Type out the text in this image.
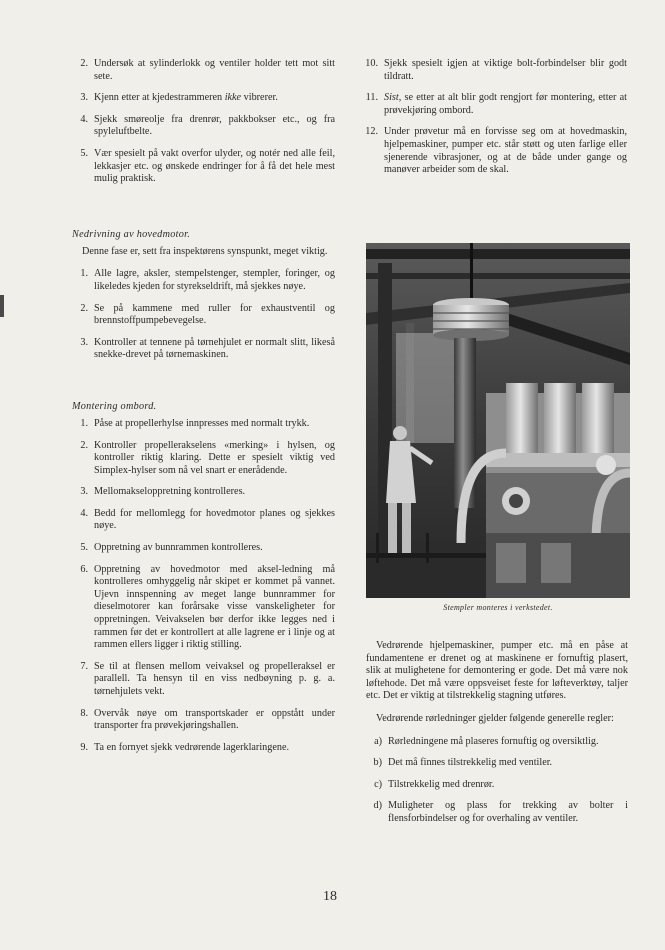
2. Undersøk at sylinderlokk og ventiler holder tett mot sitt sete.
3. Kjenn etter at kjedestrammeren ikke vibrerer.
4. Sjekk smøreolje fra drenrør, pakkbokser etc., og fra spyleluftbelte.
5. Vær spesielt på vakt overfor ulyder, og notér ned alle feil, lekkasjer etc. og ønskede endringer for å få det hele mest mulig praktisk.
Nedrivning av hovedmotor.

Denne fase er, sett fra inspektørens synspunkt, meget viktig.

1. Alle lagre, aksler, stempelstenger, stempler, foringer, og likeledes kjeden for styrekseldrift, må sjekkes nøye.
2. Se på kammene med ruller for exhaustventil og brennstoffpumpebevegelse.
3. Kontroller at tennene på tørnehjulet er normalt slitt, likeså snekke-drevet på tørnemaskinen.
Montering ombord.
1. Påse at propellerhylse innpresses med normalt trykk.
2. Kontroller propellerakselens «merking» i hylsen, og kontroller riktig klaring. Dette er spesielt viktig ved Simplex-hylser som nå vel snart er enerådende.
3. Mellomakseloppretning kontrolleres.
4. Bedd for mellomlegg for hovedmotor planes og sjekkes nøye.
5. Oppretning av bunnrammen kontrolleres.
6. Oppretning av hovedmotor med aksel-ledning må kontrolleres omhyggelig når skipet er kommet på vannet. Ujevn innspenning av meget lange bunnrammer for dieselmotorer kan forårsake visse vanskeligheter for oppretningen. Veivakselen bør derfor ikke legges ned i rammen før det er kontrollert at alle lagrene er i linje og at rammen ellers ligger i riktig stilling.
7. Se til at flensen mellom veivaksel og propelleraksel er parallell. Ta hensyn til en viss nedbøyning p. g. a. tørnehjulets vekt.
8. Overvåk nøye om transportskader er oppstått under transporter fra prøvekjøringshallen.
9. Ta en fornyet sjekk vedrørende lagerklaringene.
10. Sjekk spesielt igjen at viktige bolt-forbindelser blir godt tildratt.
11. Sist, se etter at alt blir godt rengjort før montering, etter at prøvekjøring ombord.
12. Under prøvetur må en forvisse seg om at hovedmaskin, hjelpemaskiner, pumper etc. står støtt og uten farlige eller sjenerende vibrasjoner, og at de både under gange og manøver arbeider som de skal.
Stempler monteres i verkstedet.

Vedrørende hjelpemaskiner, pumper etc. må en påse at fundamentene er drenet og at maskinene er fornuftig plasert, slik at mulighetene for demontering er gode. Det må være nok løftehode. Det må være oppsveiset feste for løfteverktøy, taljer etc. Det er viktig at tilstrekkelig stagning utføres.

Vedrørende rørledninger gjelder følgende generelle regler:

a) Rørledningene må plaseres fornuftig og oversiktlig.
b) Det må finnes tilstrekkelig med ventiler.
c) Tilstrekkelig med drenrør.
d) Muligheter og plass for trekking av bolter i flensforbindelser og for overhaling av ventiler.
18
